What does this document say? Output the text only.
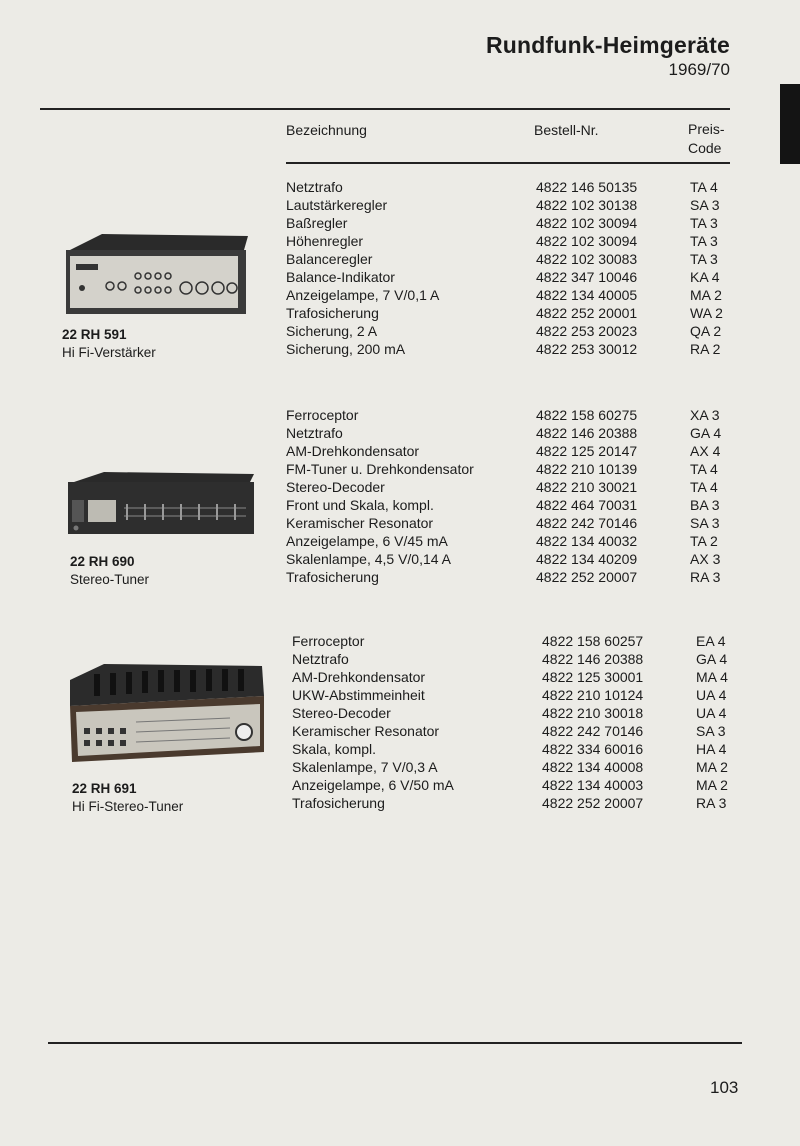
Rundfunk-Heimgeräte
1969/70
Bezeichnung	Bestell-Nr.	Preis-
Code
22 RH 591
Hi Fi-Verstärker
Netztrafo	4822 146 50135	TA 4
Lautstärkeregler	4822 102 30138	SA 3
Baßregler	4822 102 30094	TA 3
Höhenregler	4822 102 30094	TA 3
Balanceregler	4822 102 30083	TA 3
Balance-Indikator	4822 347 10046	KA 4
Anzeigelampe, 7 V/0,1 A	4822 134 40005	MA 2
Trafosicherung	4822 252 20001	WA 2
Sicherung, 2 A	4822 253 20023	QA 2
Sicherung, 200 mA	4822 253 30012	RA 2
22 RH 690
Stereo-Tuner
Ferroceptor	4822 158 60275	XA 3
Netztrafo	4822 146 20388	GA 4
AM-Drehkondensator	4822 125 20147	AX 4
FM-Tuner u. Drehkondensator	4822 210 10139	TA 4
Stereo-Decoder	4822 210 30021	TA 4
Front und Skala, kompl.	4822 464 70031	BA 3
Keramischer Resonator	4822 242 70146	SA 3
Anzeigelampe, 6 V/45 mA	4822 134 40032	TA 2
Skalenlampe, 4,5 V/0,14 A	4822 134 40209	AX 3
Trafosicherung	4822 252 20007	RA 3
22 RH 691
Hi Fi-Stereo-Tuner
Ferroceptor	4822 158 60257	EA 4
Netztrafo	4822 146 20388	GA 4
AM-Drehkondensator	4822 125 30001	MA 4
UKW-Abstimmeinheit	4822 210 10124	UA 4
Stereo-Decoder	4822 210 30018	UA 4
Keramischer Resonator	4822 242 70146	SA 3
Skala, kompl.	4822 334 60016	HA 4
Skalenlampe, 7 V/0,3 A	4822 134 40008	MA 2
Anzeigelampe, 6 V/50 mA	4822 134 40003	MA 2
Trafosicherung	4822 252 20007	RA 3
103
